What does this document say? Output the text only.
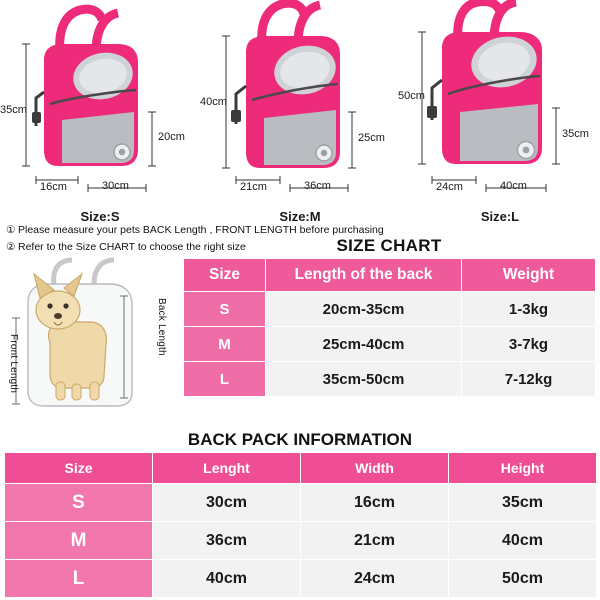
35cm
20cm
16cm	30cm
Size:S
40cm
25cm
21cm	36cm
Size:M
50cm
35cm
24cm	40cm
Size:L
① Please measure your pets BACK Length , FRONT LENGTH before purchasing
② Refer to the Size CHART to choose the right size
Back Length
Front Length
SIZE CHART
Size	Length of the back	Weight
S	20cm-35cm	1-3kg
M	25cm-40cm	3-7kg
L	35cm-50cm	7-12kg
BACK PACK INFORMATION
Size	Lenght	Width	Height
S	30cm	16cm	35cm
M	36cm	21cm	40cm
L	40cm	24cm	50cm
